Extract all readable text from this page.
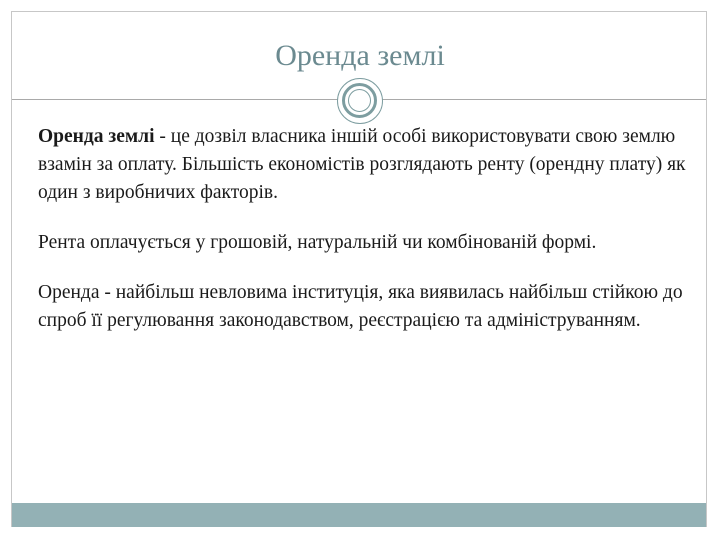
Оренда землі

Оренда землі - це дозвіл власника іншій особі використовувати свою землю взамін за оплату. Більшість економістів розглядають ренту (орендну плату) як один з виробничих факторів.

Рента оплачується у грошовій, натуральній чи комбінованій формі.

Оренда - найбільш невловима інституція, яка виявилась найбільш стійкою до спроб її регулювання законодавством, реєстрацією та адмініструванням.
